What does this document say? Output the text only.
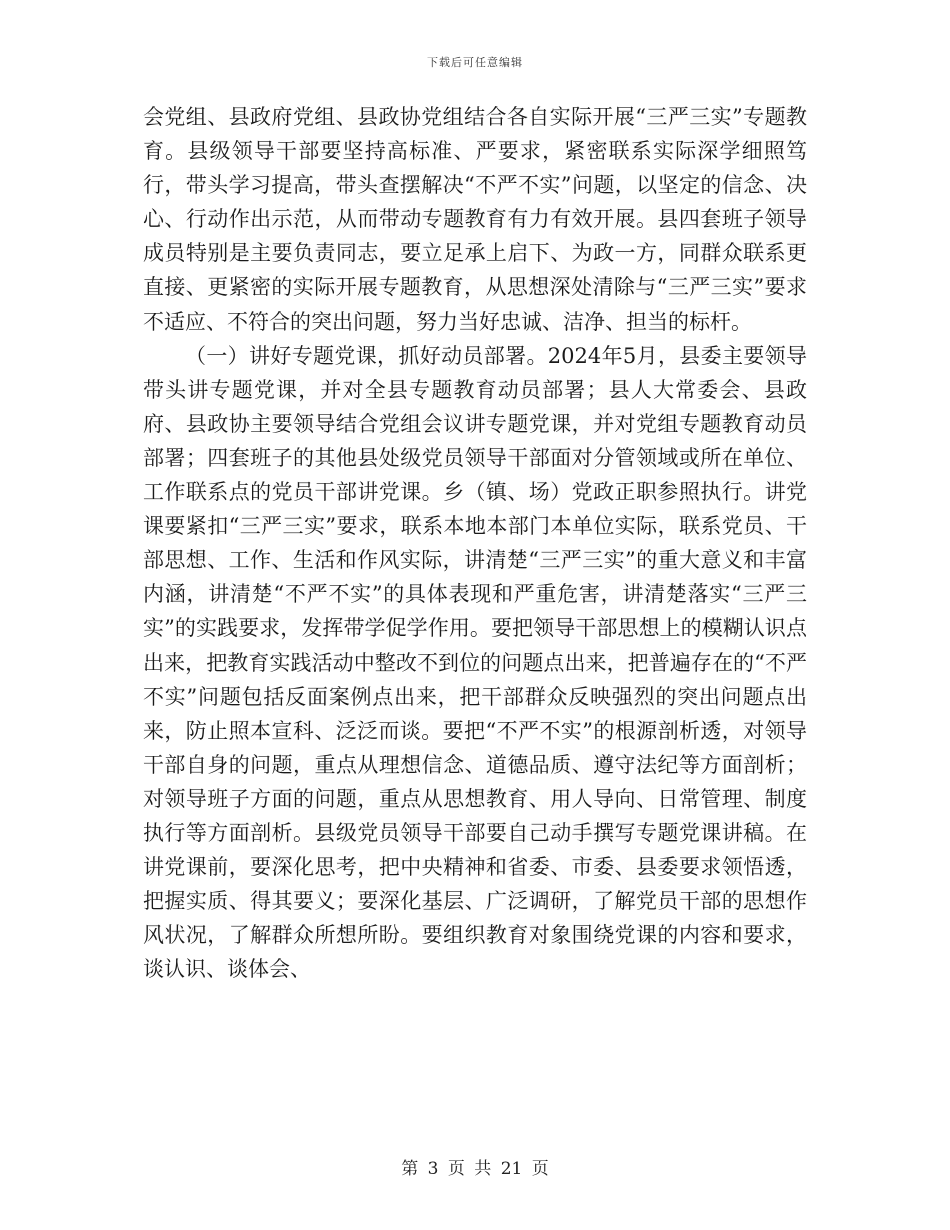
下载后可任意编辑

会党组、县政府党组、县政协党组结合各自实际开展“三严三实”专题教育。县级领导干部要坚持高标准、严要求，紧密联系实际深学细照笃行，带头学习提高，带头查摆解决“不严不实”问题，以坚定的信念、决心、行动作出示范，从而带动专题教育有力有效开展。县四套班子领导成员特别是主要负责同志，要立足承上启下、为政一方，同群众联系更直接、更紧密的实际开展专题教育，从思想深处清除与“三严三实”要求不适应、不符合的突出问题，努力当好忠诚、洁净、担当的标杆。

（一）讲好专题党课，抓好动员部署。2024年5月，县委主要领导带头讲专题党课，并对全县专题教育动员部署；县人大常委会、县政府、县政协主要领导结合党组会议讲专题党课，并对党组专题教育动员部署；四套班子的其他县处级党员领导干部面对分管领域或所在单位、工作联系点的党员干部讲党课。乡（镇、场）党政正职参照执行。讲党课要紧扣“三严三实”要求，联系本地本部门本单位实际，联系党员、干部思想、工作、生活和作风实际，讲清楚“三严三实”的重大意义和丰富内涵，讲清楚“不严不实”的具体表现和严重危害，讲清楚落实“三严三实”的实践要求，发挥带学促学作用。要把领导干部思想上的模糊认识点出来，把教育实践活动中整改不到位的问题点出来，把普遍存在的“不严不实”问题包括反面案例点出来，把干部群众反映强烈的突出问题点出来，防止照本宣科、泛泛而谈。要把“不严不实”的根源剖析透，对领导干部自身的问题，重点从理想信念、道德品质、遵守法纪等方面剖析；对领导班子方面的问题，重点从思想教育、用人导向、日常管理、制度执行等方面剖析。县级党员领导干部要自己动手撰写专题党课讲稿。在讲党课前，要深化思考，把中央精神和省委、市委、县委要求领悟透，把握实质、得其要义；要深化基层、广泛调研，了解党员干部的思想作风状况，了解群众所想所盼。要组织教育对象围绕党课的内容和要求，谈认识、谈体会、

第 3 页 共 21 页
